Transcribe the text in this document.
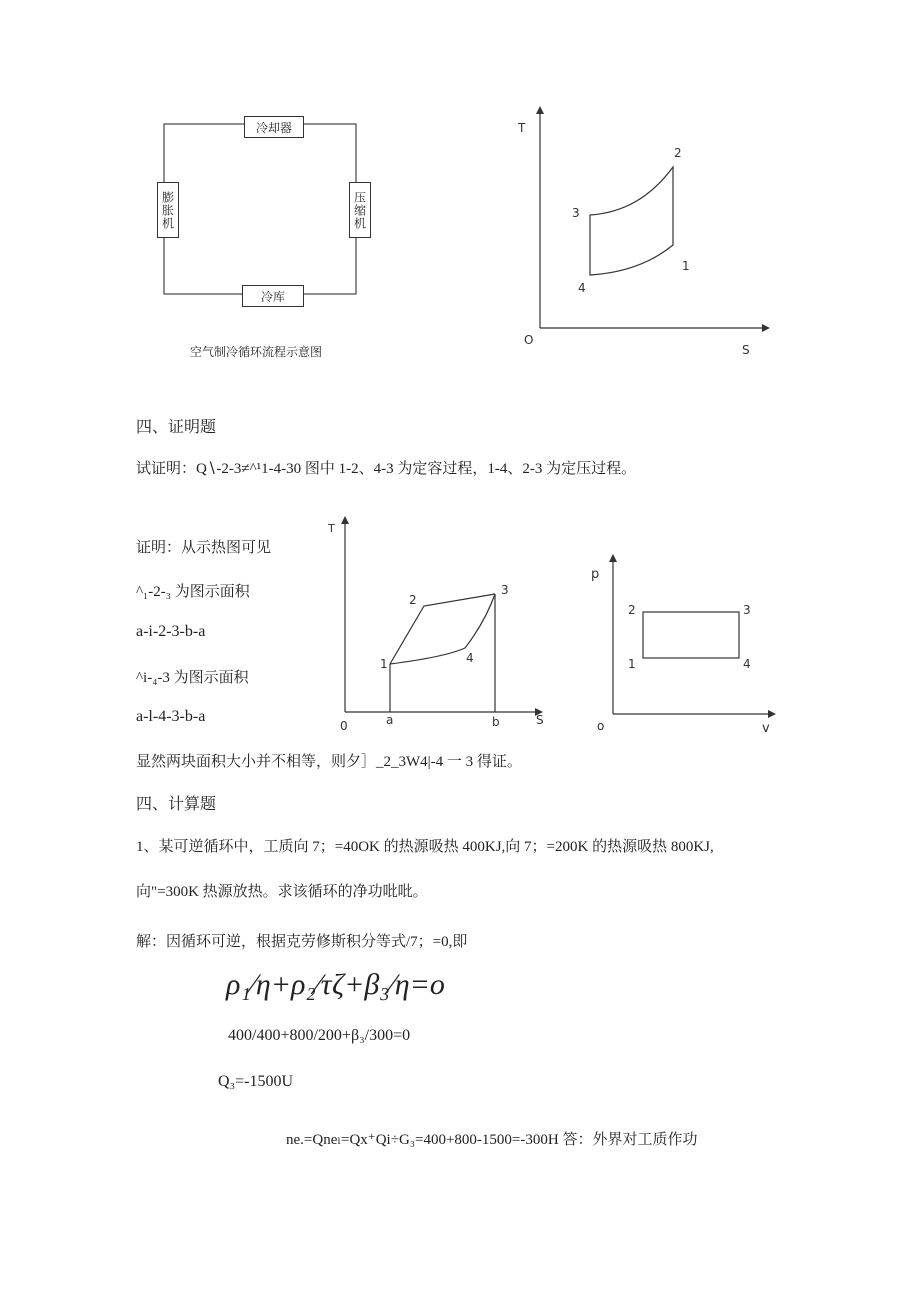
冷却器
膨胀机	压缩机
冷库
空气制冷循环流程示意图
T
S
O
2
3
1
4
四、证明题
试证明：Q∖-2-3≠^¹1-4-30 图中 1-2、4-3 为定容过程，1-4、2-3 为定压过程。
证明：从示热图可见
^₁-2-₃ 为图示面积
a-i-2-3-b-a
^i-₄-3 为图示面积
a-l-4-3-b-a
显然两块面积大小并不相等，则夕］_2_3W4|-4 一 3 得证。
T
S
0	a	b
1
2
3
4
p
v
o
2	3
1	4
四、计算题
1、某可逆循环中，工质向 7；=40OK 的热源吸热 400KJ,向 7；=200K 的热源吸热 800KJ,
向"=300K 热源放热。求该循环的净功吡吡。
解：因循环可逆，根据克劳修斯积分等式/7；=0,即
ρ₁⁄η+ρ₂⁄τζ+β₃⁄η=o
400/400+800/200+β₃/300=0
Q₃=-1500U
ne.=Qneₗ=Qx⁺Qi÷G₃=400+800-1500=-300H 答：外界对工质作功
